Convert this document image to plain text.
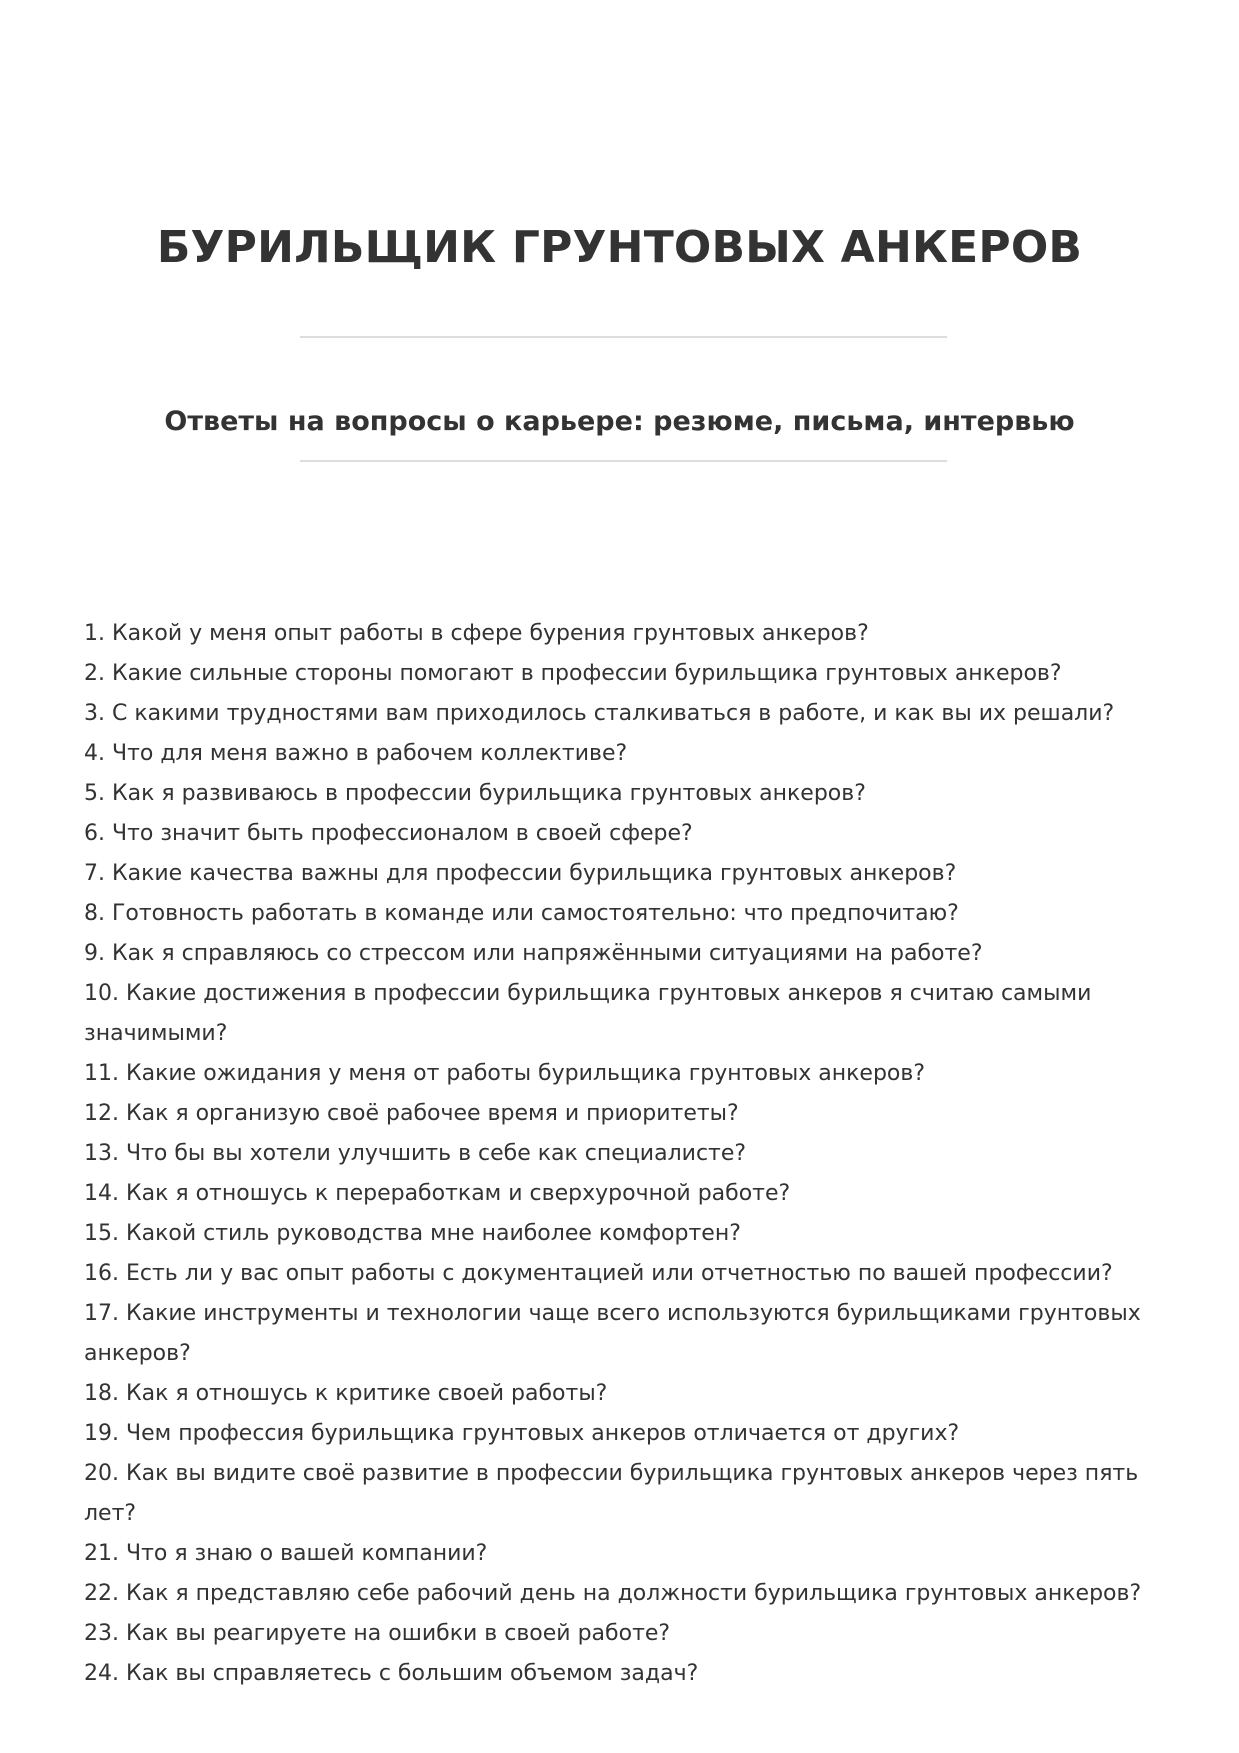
БУРИЛЬЩИК ГРУНТОВЫХ АНКЕРОВ
Ответы на вопросы о карьере: резюме, письма, интервью
1. Какой у меня опыт работы в сфере бурения грунтовых анкеров?
2. Какие сильные стороны помогают в профессии бурильщика грунтовых анкеров?
3. С какими трудностями вам приходилось сталкиваться в работе, и как вы их решали?
4. Что для меня важно в рабочем коллективе?
5. Как я развиваюсь в профессии бурильщика грунтовых анкеров?
6. Что значит быть профессионалом в своей сфере?
7. Какие качества важны для профессии бурильщика грунтовых анкеров?
8. Готовность работать в команде или самостоятельно: что предпочитаю?
9. Как я справляюсь со стрессом или напряжёнными ситуациями на работе?
10. Какие достижения в профессии бурильщика грунтовых анкеров я считаю самыми значимыми?
11. Какие ожидания у меня от работы бурильщика грунтовых анкеров?
12. Как я организую своё рабочее время и приоритеты?
13. Что бы вы хотели улучшить в себе как специалисте?
14. Как я отношусь к переработкам и сверхурочной работе?
15. Какой стиль руководства мне наиболее комфортен?
16. Есть ли у вас опыт работы с документацией или отчетностью по вашей профессии?
17. Какие инструменты и технологии чаще всего используются бурильщиками грунтовых анкеров?
18. Как я отношусь к критике своей работы?
19. Чем профессия бурильщика грунтовых анкеров отличается от других?
20. Как вы видите своё развитие в профессии бурильщика грунтовых анкеров через пять лет?
21. Что я знаю о вашей компании?
22. Как я представляю себе рабочий день на должности бурильщика грунтовых анкеров?
23. Как вы реагируете на ошибки в своей работе?
24. Как вы справляетесь с большим объемом задач?
